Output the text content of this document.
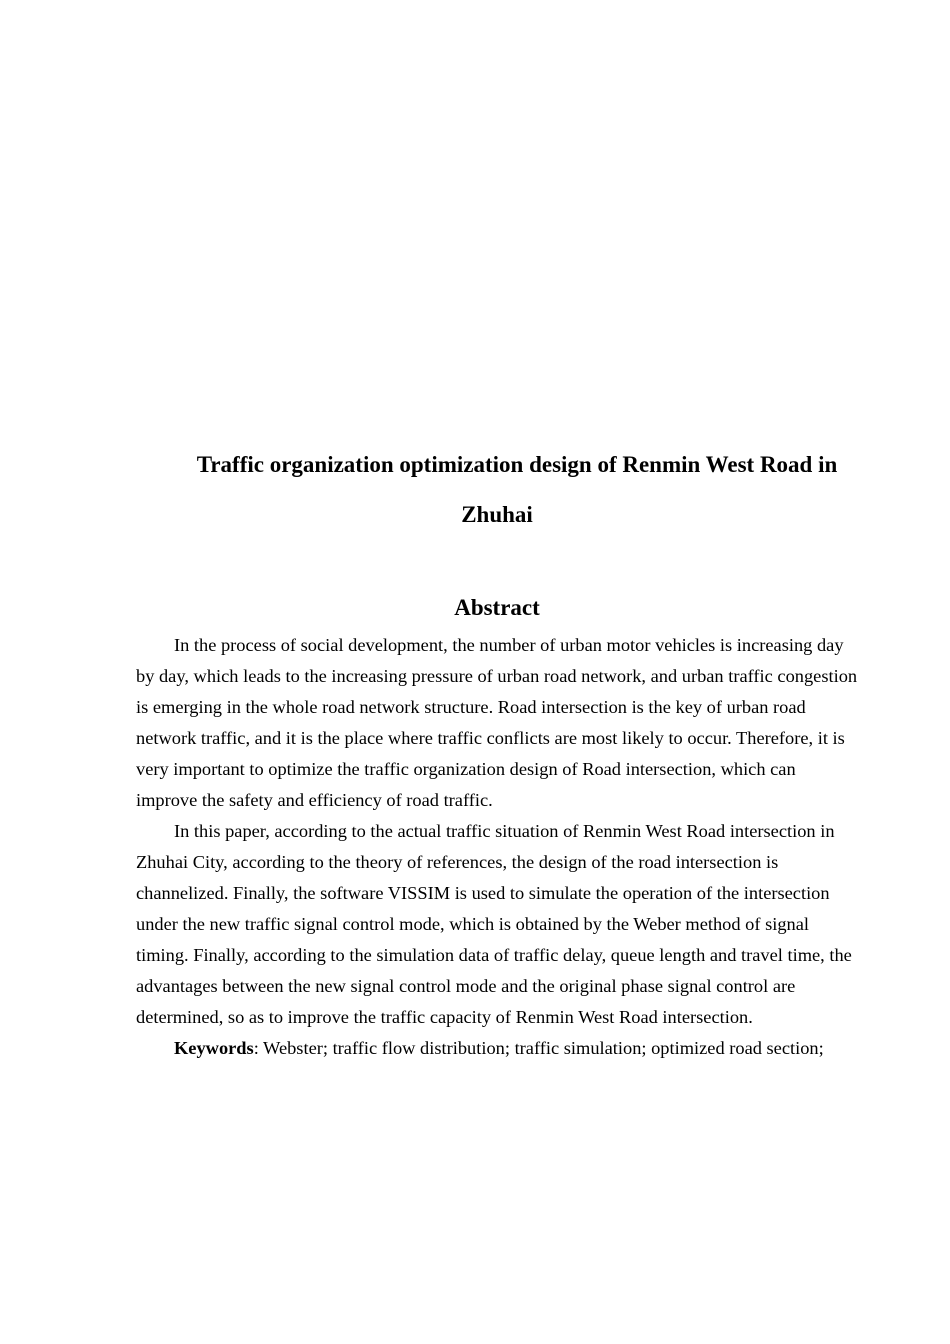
Traffic organization optimization design of Renmin West Road in
Zhuhai
Abstract

In the process of social development, the number of urban motor vehicles is increasing day by day, which leads to the increasing pressure of urban road network, and urban traffic congestion is emerging in the whole road network structure. Road intersection is the key of urban road network traffic, and it is the place where traffic conflicts are most likely to occur. Therefore, it is very important to optimize the traffic organization design of Road intersection, which can improve the safety and efficiency of road traffic.

In this paper, according to the actual traffic situation of Renmin West Road intersection in Zhuhai City, according to the theory of references, the design of the road intersection is channelized. Finally, the software VISSIM is used to simulate the operation of the intersection under the new traffic signal control mode, which is obtained by the Weber method of signal timing. Finally, according to the simulation data of traffic delay, queue length and travel time, the advantages between the new signal control mode and the original phase signal control are determined, so as to improve the traffic capacity of Renmin West Road intersection.

Keywords: Webster; traffic flow distribution; traffic simulation; optimized road section;
